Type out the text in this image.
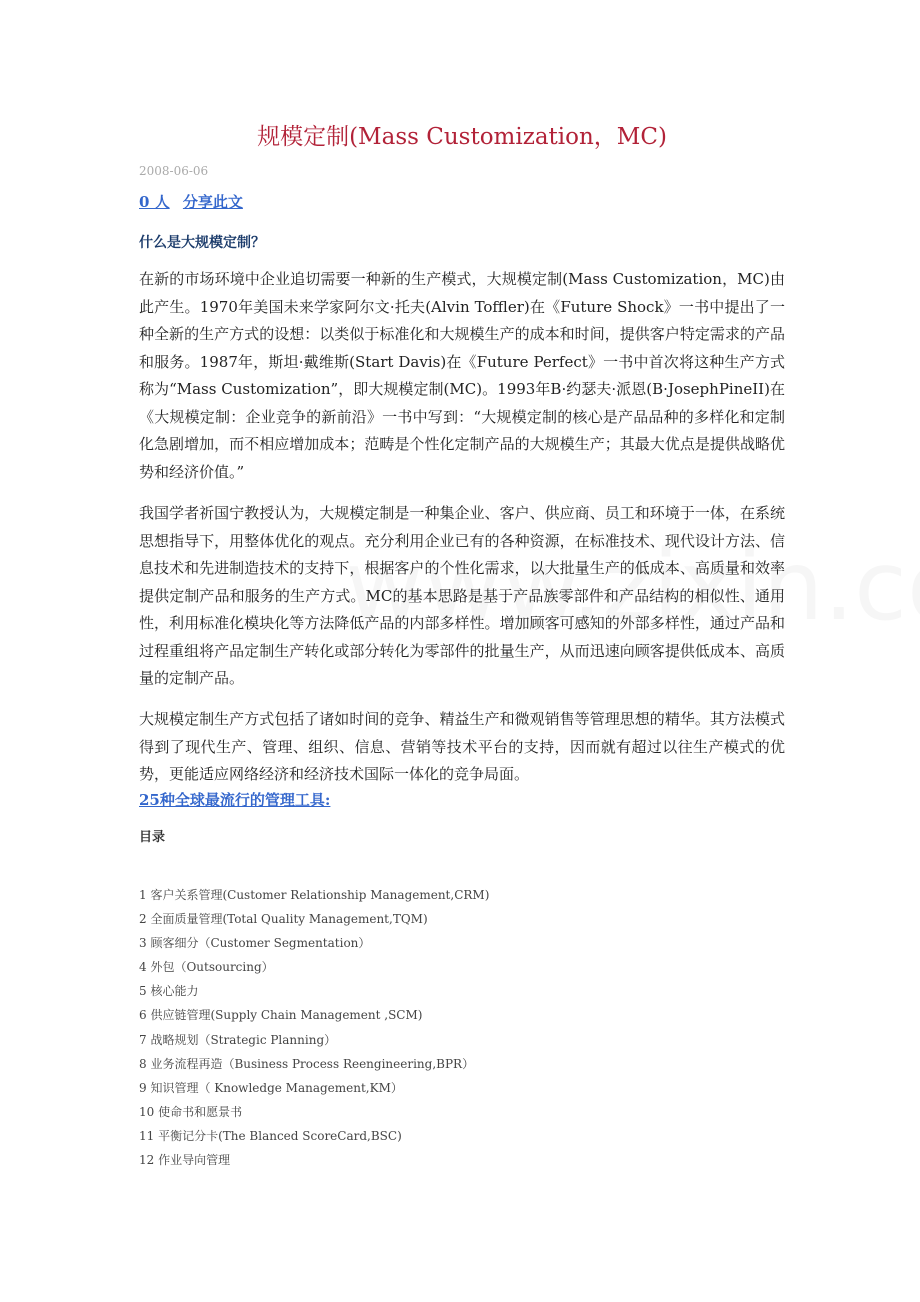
规模定制(Mass Customization，MC)
2008-06-06
0 人 分享此文
什么是大规模定制？

在新的市场环境中企业追切需要一种新的生产模式，大规模定制(Mass Customization，MC)由此产生。1970年美国未来学家阿尔文·托夫(Alvin Toffler)在《Future Shock》一书中提出了一种全新的生产方式的设想：以类似于标准化和大规模生产的成本和时间，提供客户特定需求的产品和服务。1987年，斯坦·戴维斯(Start Davis)在《Future Perfect》一书中首次将这种生产方式称为“Mass Customization”，即大规模定制(MC)。1993年B·约瑟夫·派恩(B·JosephPineII)在《大规模定制：企业竞争的新前沿》一书中写到：“大规模定制的核心是产品品种的多样化和定制化急剧增加，而不相应增加成本；范畴是个性化定制产品的大规模生产；其最大优点是提供战略优势和经济价值。”

我国学者祈国宁教授认为，大规模定制是一种集企业、客户、供应商、员工和环境于一体，在系统思想指导下，用整体优化的观点。充分利用企业已有的各种资源，在标准技术、现代设计方法、信息技术和先进制造技术的支持下，根据客户的个性化需求，以大批量生产的低成本、高质量和效率提供定制产品和服务的生产方式。MC的基本思路是基于产品族零部件和产品结构的相似性、通用性，利用标准化模块化等方法降低产品的内部多样性。增加顾客可感知的外部多样性，通过产品和过程重组将产品定制生产转化或部分转化为零部件的批量生产，从而迅速向顾客提供低成本、高质量的定制产品。

大规模定制生产方式包括了诸如时间的竞争、精益生产和微观销售等管理思想的精华。其方法模式得到了现代生产、管理、组织、信息、营销等技术平台的支持，因而就有超过以往生产模式的优势，更能适应网络经济和经济技术国际一体化的竞争局面。

25种全球最流行的管理工具:
目录
1 客户关系管理(Customer Relationship Management,CRM)
2 全面质量管理(Total Quality Management,TQM)
3 顾客细分（Customer Segmentation）
4 外包（Outsourcing）
5 核心能力
6 供应链管理(Supply Chain Management ,SCM)
7 战略规划（Strategic Planning）
8 业务流程再造（Business Process Reengineering,BPR）
9 知识管理（ Knowledge Management,KM）
10 使命书和愿景书
11 平衡记分卡(The Blanced ScoreCard,BSC)
12 作业导向管理
